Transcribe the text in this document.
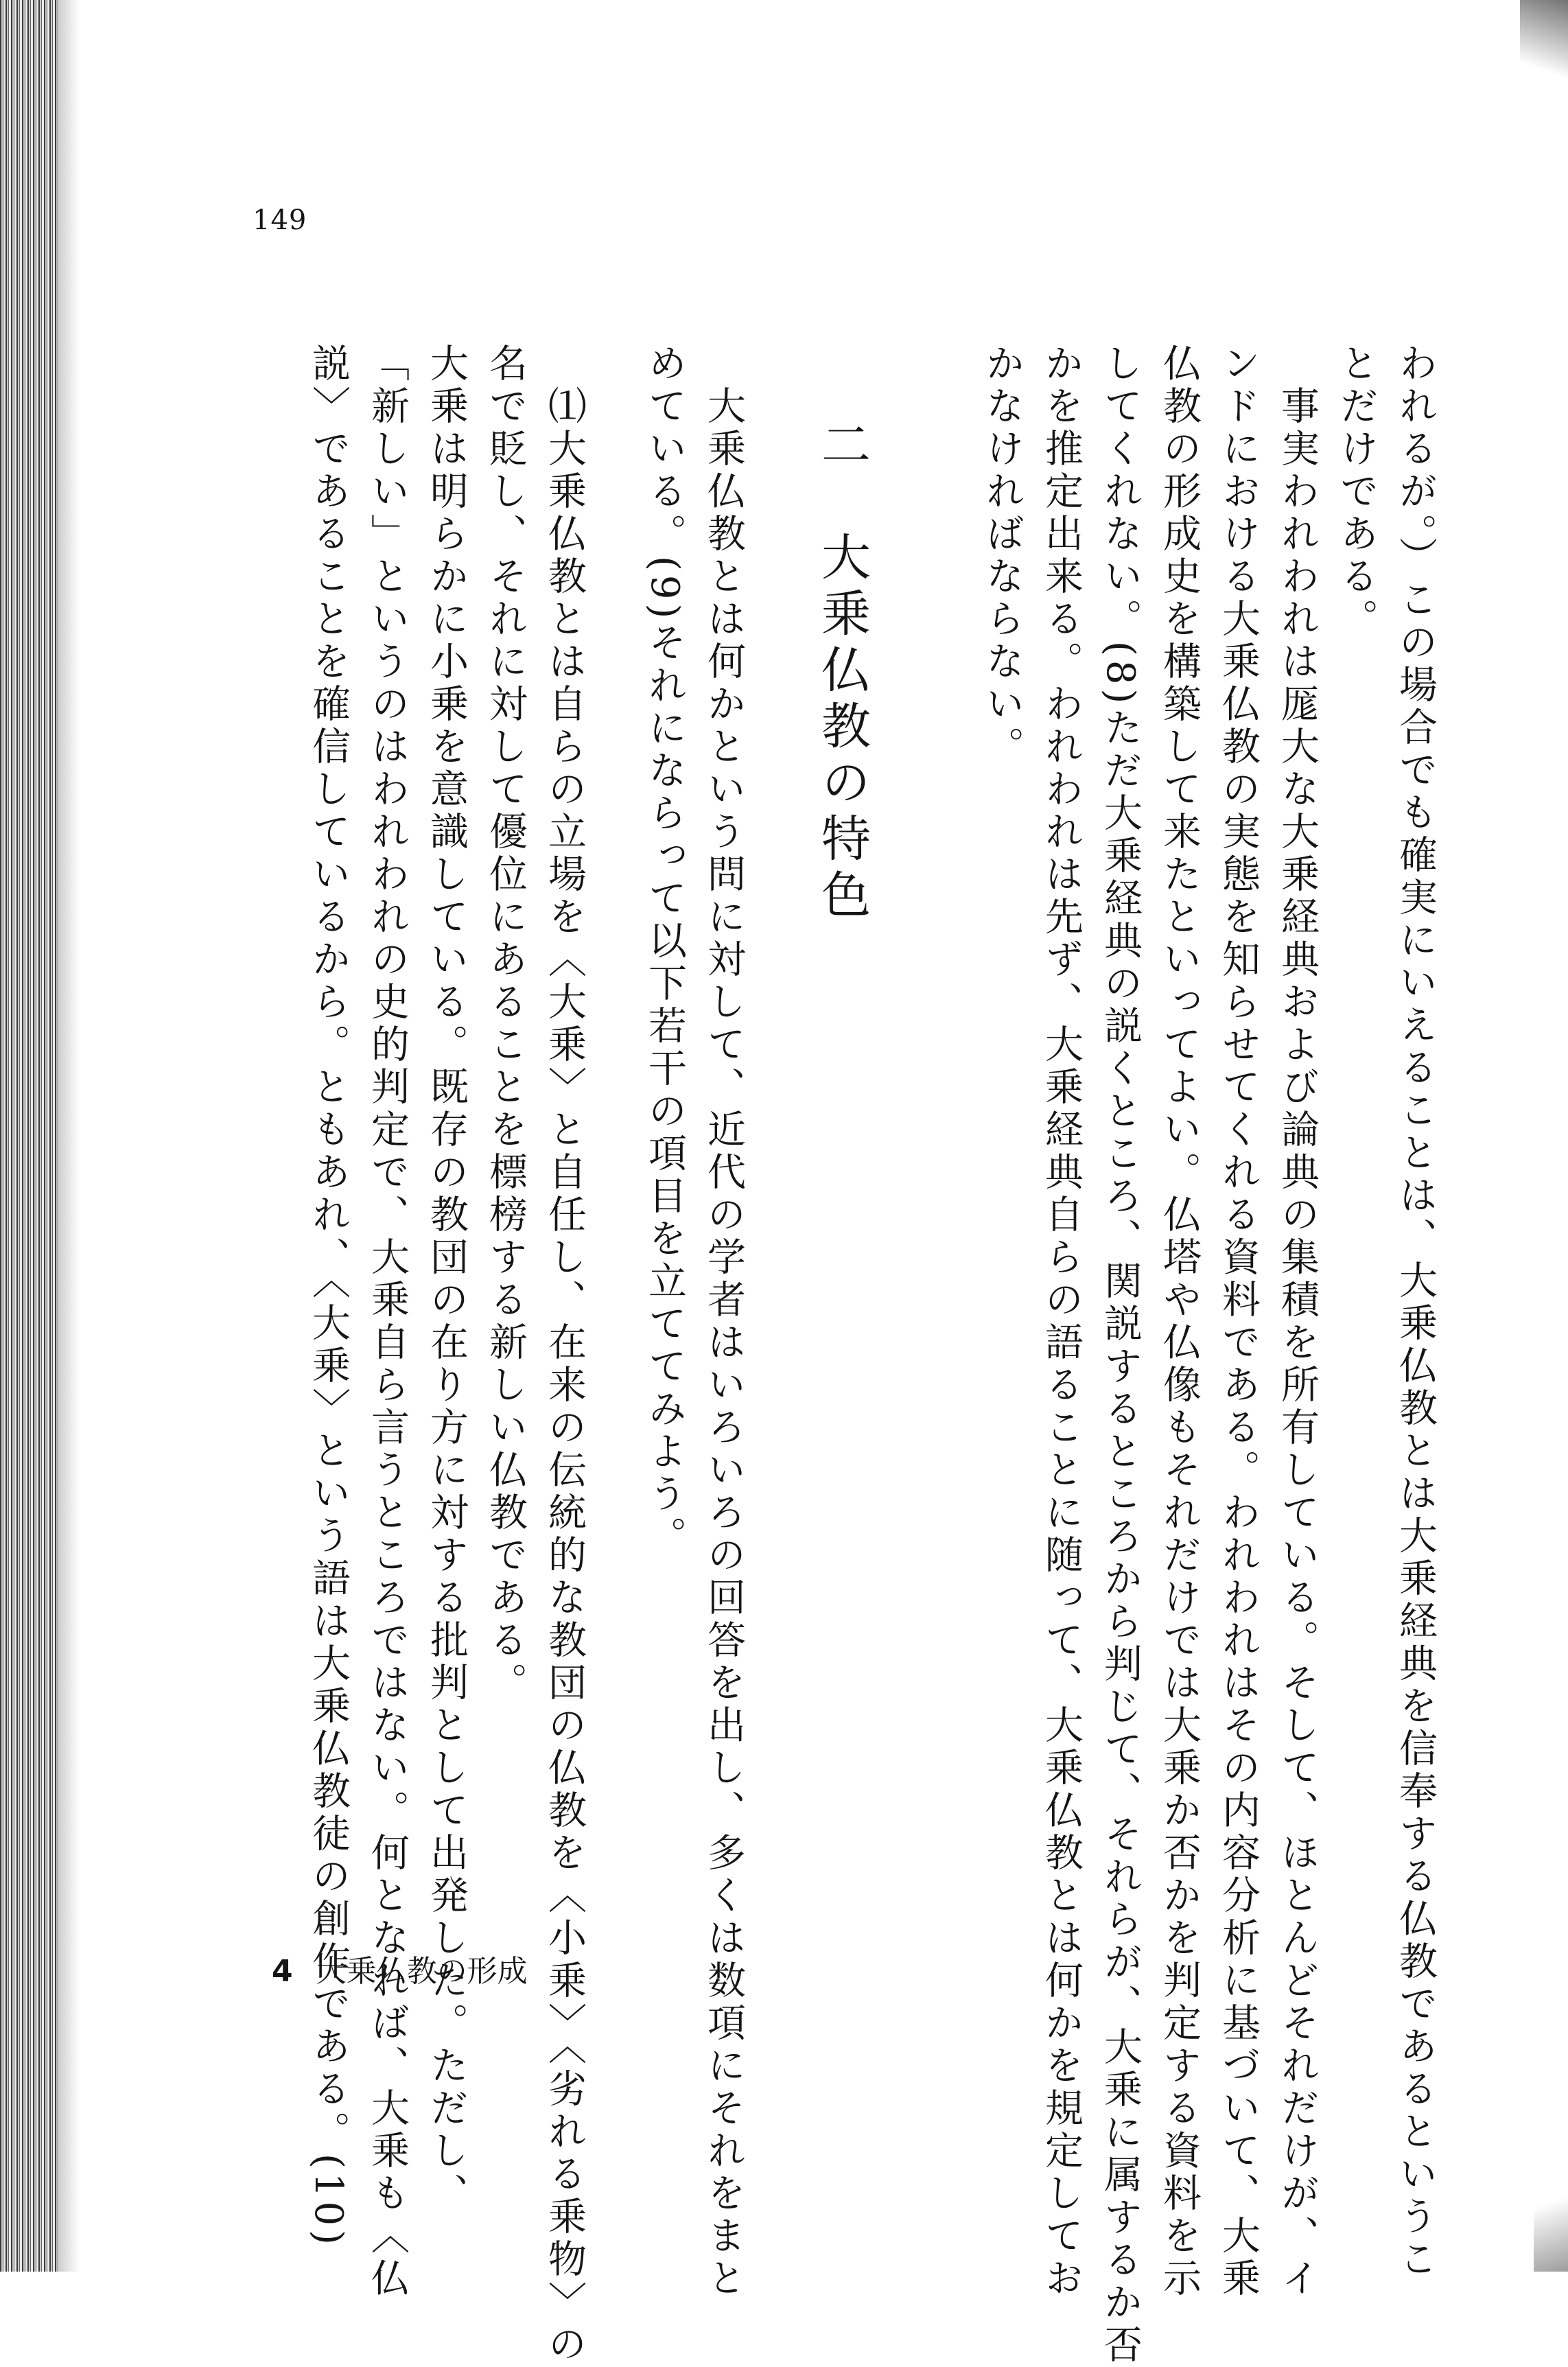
149
われるが。）この場合でも確実にいえることは、大乗仏教とは大乗経典を信奉する仏教であるというこ
とだけである。
　事実われわれは厖大な大乗経典および論典の集積を所有している。そして、ほとんどそれだけが、イ
ンドにおける大乗仏教の実態を知らせてくれる資料である。われわれはその内容分析に基づいて、大乗
仏教の形成史を構築して来たといってよい。仏塔や仏像もそれだけでは大乗か否かを判定する資料を示
してくれない。(8)ただ大乗経典の説くところ、関説するところから判じて、それらが、大乗に属するか否
かを推定出来る。われわれは先ず、大乗経典自らの語ることに随って、大乗仏教とは何かを規定してお
かなければならない。
二　大乗仏教の特色
　大乗仏教とは何かという問に対して、近代の学者はいろいろの回答を出し、多くは数項にそれをまと
めている。(9)それにならって以下若干の項目を立ててみよう。
　⑴大乗仏教とは自らの立場を〈大乗〉と自任し、在来の伝統的な教団の仏教を〈小乗〉〈劣れる乗物〉の
名で貶し、それに対して優位にあることを標榜する新しい仏教である。
大乗は明らかに小乗を意識している。既存の教団の在り方に対する批判として出発した。ただし、
「新しい」というのはわれわれの史的判定で、大乗自ら言うところではない。何となれば、大乗も〈仏
説〉であることを確信しているから。ともあれ、〈大乗〉という語は大乗仏教徒の創作である。(10)
4 大乗仏教の形成
